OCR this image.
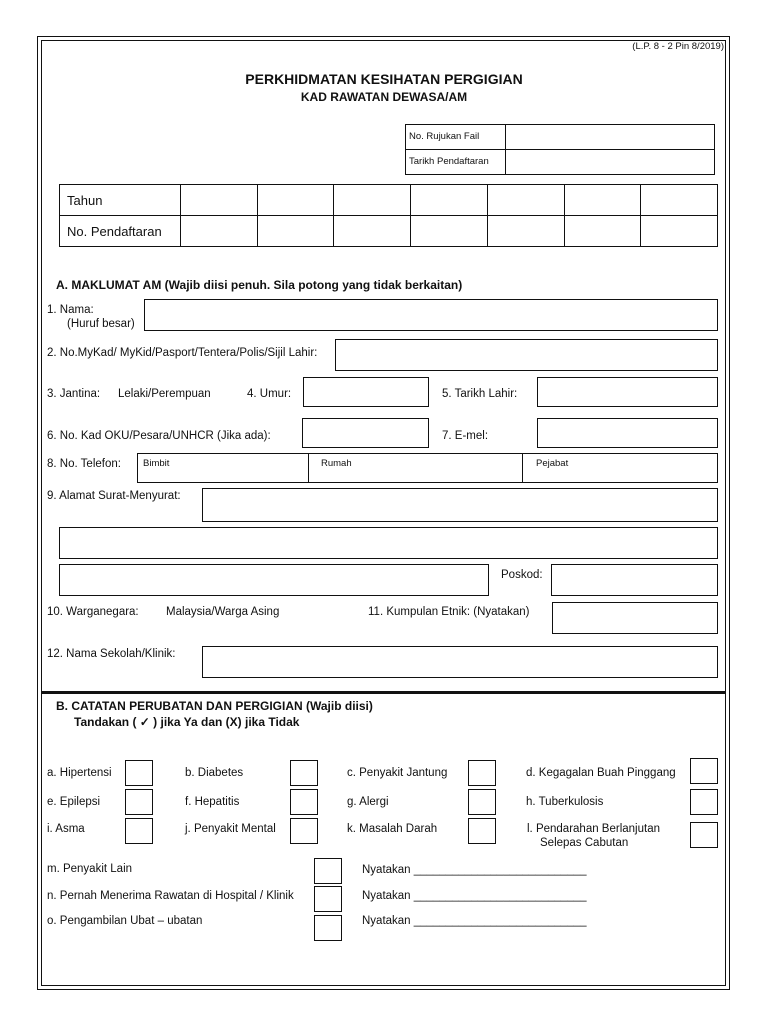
(L.P. 8 - 2 Pin 8/2019)
PERKHIDMATAN KESIHATAN PERGIGIAN
KAD RAWATAN DEWASA/AM
No. Rujukan Fail
Tarikh Pendaftaran
Tahun							
No. Pendaftaran							
A. MAKLUMAT AM (Wajib diisi penuh. Sila potong yang tidak berkaitan)
1. Nama:
(Huruf besar)
2. No.MyKad/ MyKid/Pasport/Tentera/Polis/Sijil Lahir:
3. Jantina: Lelaki/Perempuan	4. Umur:	5. Tarikh Lahir:
6. No. Kad OKU/Pesara/UNHCR (Jika ada):	7. E-mel:
8. No. Telefon: Bimbit	Rumah	Pejabat
9. Alamat Surat-Menyurat:
Poskod:
10. Warganegara: Malaysia/Warga Asing	11. Kumpulan Etnik: (Nyatakan)
12. Nama Sekolah/Klinik:
B. CATATAN PERUBATAN DAN PERGIGIAN (Wajib diisi)
Tandakan ( ✓ ) jika Ya dan (X) jika Tidak
a. Hipertensi	b. Diabetes	c. Penyakit Jantung	d. Kegagalan Buah Pinggang
e. Epilepsi	f. Hepatitis	g. Alergi	h. Tuberkulosis
i. Asma	j. Penyakit Mental	k. Masalah Darah	l. Pendarahan Berlanjutan
Selepas Cabutan
m. Penyakit Lain	Nyatakan ___________________________
n. Pernah Menerima Rawatan di Hospital / Klinik	Nyatakan ___________________________
o. Pengambilan Ubat – ubatan	Nyatakan ___________________________
